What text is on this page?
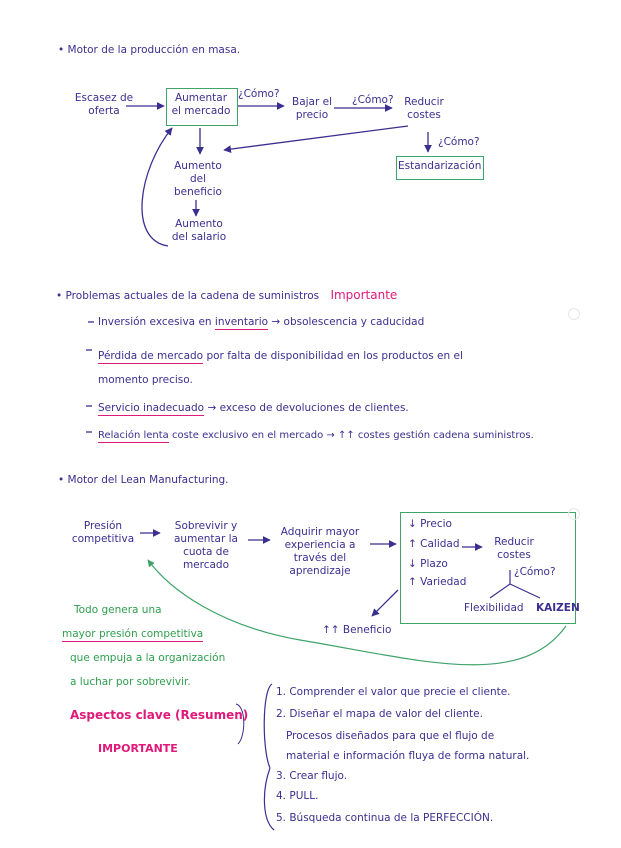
• Motor de la producción en masa.
Escasez de oferta
Aumentar el mercado
¿Cómo?
Bajar el precio
¿Cómo?	Reducir costes
¿Cómo?
Estandarización
Aumento del beneficio
Aumento del salario
• Problemas actuales de la cadena de suministros Importante
Inversión excesiva en inventario → obsolescencia y caducidad
Pérdida de mercado por falta de disponibilidad en los productos en el
momento preciso.
Servicio inadecuado → exceso de devoluciones de clientes.
Relación lenta coste exclusivo en el mercado → ↑↑ costes gestión cadena suministros.
• Motor del Lean Manufacturing.
Presión competitiva
Sobrevivir y aumentar la cuota de mercado
Adquirir mayor experiencia a través del aprendizaje
↓ Precio
↑ Calidad
↓ Plazo
↑ Variedad
Reducir costes
¿Cómo?
Flexibilidad KAIZEN
↑↑ Beneficio
Todo genera una
mayor presión competitiva
que empuja a la organización
a luchar por sobrevivir.
Aspectos clave (Resumen)
IMPORTANTE
1. Comprender el valor que precie el cliente.
2. Diseñar el mapa de valor del cliente.
Procesos diseñados para que el flujo de
material e información fluya de forma natural.
3. Crear flujo.
4. PULL.
5. Búsqueda continua de la PERFECCIÓN.
